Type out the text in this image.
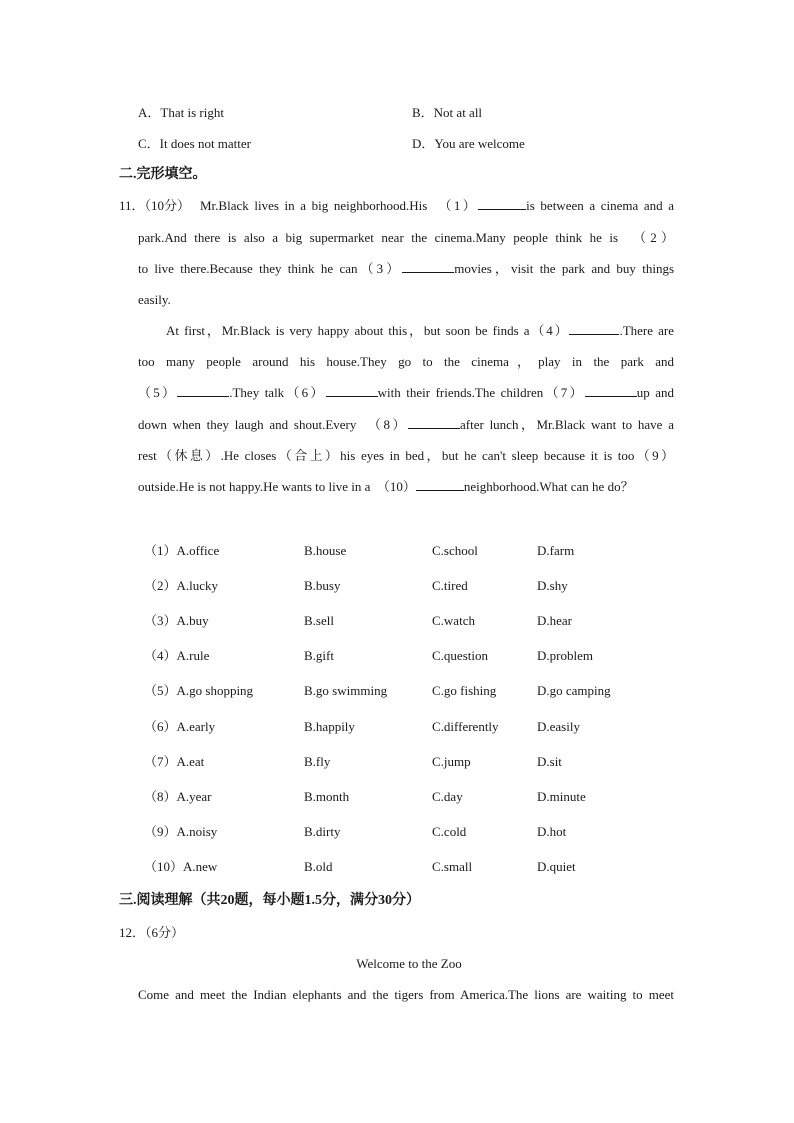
A．That is right	B．Not at all
C．It does not matter	D．You are welcome
二.完形填空。
11．（10分） Mr.Black lives in a big neighborhood.His　（1）	is between a cinema and a
park.And there is also a big supermarket near the cinema.Many people think he is　（2）
to live there.Because they think he can（3）	movies，visit the park and buy things
easily.
At first，Mr.Black is very happy about this，but soon be finds a（4）	.There are
too many people around his house.They go to the cinema，play in the park and
（5）	.They talk（6）	with their friends.The children（7）	up and
down when they laugh and shout.Every　（8）	after lunch，Mr.Black want to have a
rest（休息）.He closes（合上）his eyes in bed，but he can't sleep because it is too（9）
outside.He is not happy.He wants to live in a　（10）	neighborhood.What can he do？
（1）A.office	B.house	C.school	D.farm
（2）A.lucky	B.busy	C.tired	D.shy
（3）A.buy	B.sell	C.watch	D.hear
（4）A.rule	B.gift	C.question	D.problem
（5）A.go shopping	B.go swimming	C.go fishing	D.go camping
（6）A.early	B.happily	C.differently	D.easily
（7）A.eat	B.fly	C.jump	D.sit
（8）A.year	B.month	C.day	D.minute
（9）A.noisy	B.dirty	C.cold	D.hot
（10）A.new	B.old	C.small	D.quiet
三.阅读理解（共20题，每小题1.5分，满分30分）
12．（6分）
Welcome to the Zoo
Come and meet the Indian elephants and the tigers from America.The lions are waiting to meet
